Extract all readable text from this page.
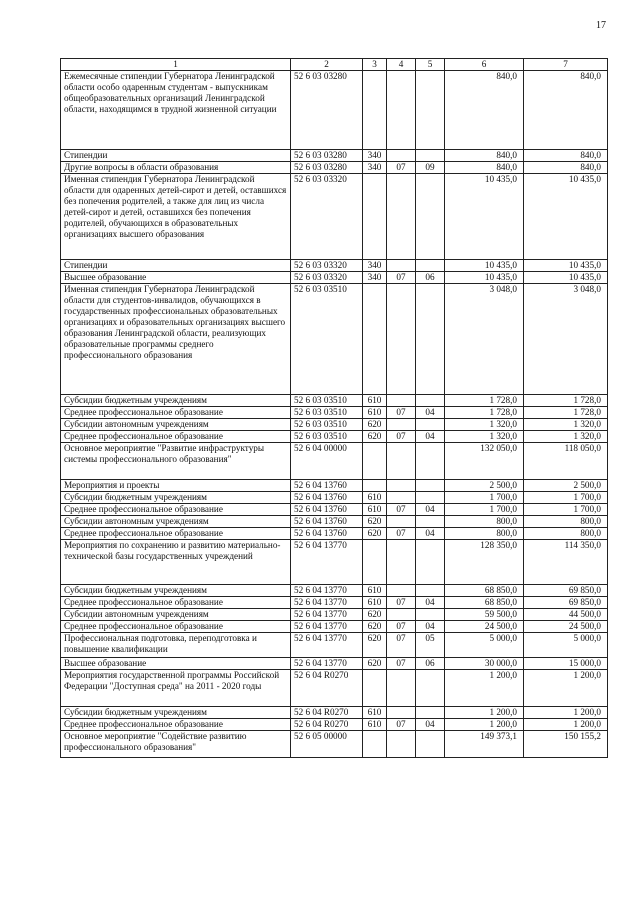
17
1	2	3	4	5	6	7
Ежемесячные стипендии Губернатора Ленинградской области особо одаренным студентам - выпускникам общеобразовательных организаций Ленинградской области, находящимся в трудной жизненной ситуации	52 6 03 03280				840,0	840,0
Стипендии	52 6 03 03280	340			840,0	840,0
Другие вопросы в области образования	52 6 03 03280	340	07	09	840,0	840,0
Именная стипендия Губернатора Ленинградской области для одаренных детей-сирот и детей, оставшихся без попечения родителей, а также для лиц из числа детей-сирот и детей, оставшихся без попечения родителей, обучающихся в образовательных организациях высшего образования	52 6 03 03320				10 435,0	10 435,0
Стипендии	52 6 03 03320	340			10 435,0	10 435,0
Высшее образование	52 6 03 03320	340	07	06	10 435,0	10 435,0
Именная стипендия Губернатора Ленинградской области для студентов-инвалидов, обучающихся в государственных профессиональных образовательных организациях и образовательных организациях высшего образования Ленинградской области, реализующих образовательные программы среднего профессионального образования	52 6 03 03510				3 048,0	3 048,0
Субсидии бюджетным учреждениям	52 6 03 03510	610			1 728,0	1 728,0
Среднее профессиональное образование	52 6 03 03510	610	07	04	1 728,0	1 728,0
Субсидии автономным учреждениям	52 6 03 03510	620			1 320,0	1 320,0
Среднее профессиональное образование	52 6 03 03510	620	07	04	1 320,0	1 320,0
Основное мероприятие "Развитие инфраструктуры системы профессионального образования"	52 6 04 00000				132 050,0	118 050,0
Мероприятия и проекты	52 6 04 13760				2 500,0	2 500,0
Субсидии бюджетным учреждениям	52 6 04 13760	610			1 700,0	1 700,0
Среднее профессиональное образование	52 6 04 13760	610	07	04	1 700,0	1 700,0
Субсидии автономным учреждениям	52 6 04 13760	620			800,0	800,0
Среднее профессиональное образование	52 6 04 13760	620	07	04	800,0	800,0
Мероприятия по сохранению и развитию материально-технической базы государственных учреждений	52 6 04 13770				128 350,0	114 350,0
Субсидии бюджетным учреждениям	52 6 04 13770	610			68 850,0	69 850,0
Среднее профессиональное образование	52 6 04 13770	610	07	04	68 850,0	69 850,0
Субсидии автономным учреждениям	52 6 04 13770	620			59 500,0	44 500,0
Среднее профессиональное образование	52 6 04 13770	620	07	04	24 500,0	24 500,0
Профессиональная подготовка, переподготовка и повышение квалификации	52 6 04 13770	620	07	05	5 000,0	5 000,0
Высшее образование	52 6 04 13770	620	07	06	30 000,0	15 000,0
Мероприятия государственной программы Российской Федерации "Доступная среда" на 2011 - 2020 годы	52 6 04 R0270				1 200,0	1 200,0
Субсидии бюджетным учреждениям	52 6 04 R0270	610			1 200,0	1 200,0
Среднее профессиональное образование	52 6 04 R0270	610	07	04	1 200,0	1 200,0
Основное мероприятие "Содействие развитию профессионального образования"	52 6 05 00000				149 373,1	150 155,2
